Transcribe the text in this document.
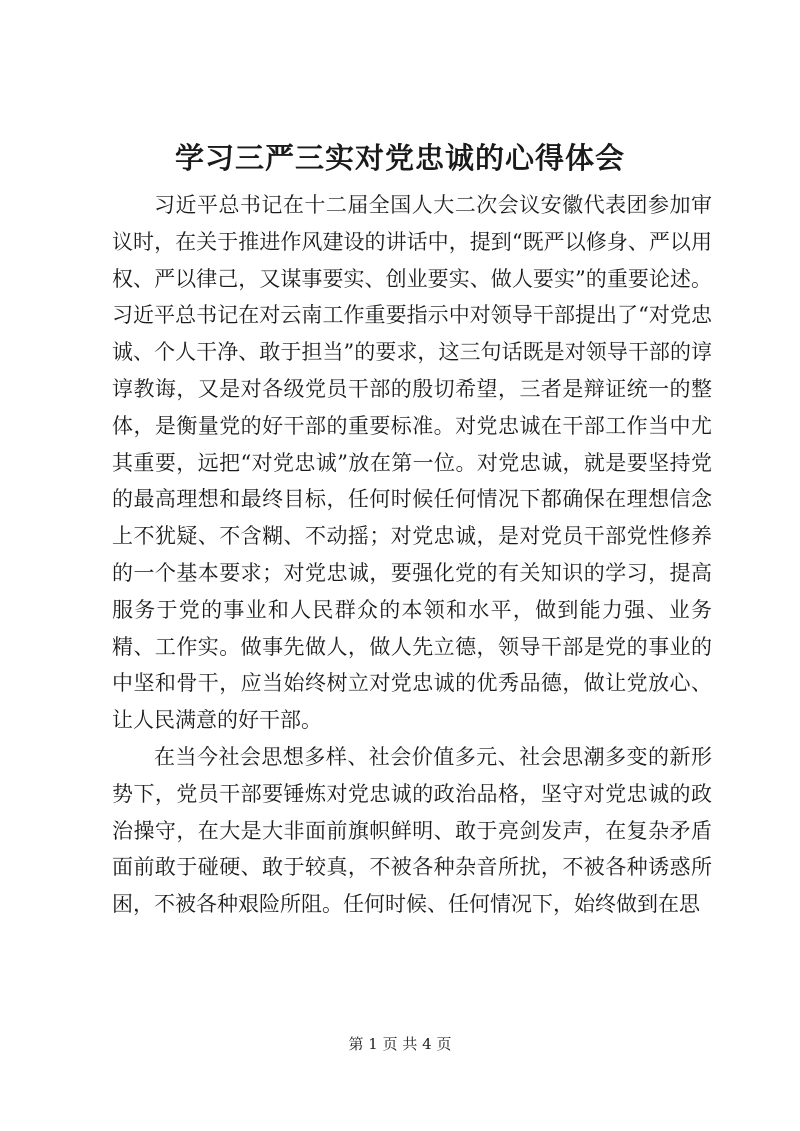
学习三严三实对党忠诚的心得体会

习近平总书记在十二届全国人大二次会议安徽代表团参加审议时，在关于推进作风建设的讲话中，提到“既严以修身、严以用权、严以律己，又谋事要实、创业要实、做人要实”的重要论述。习近平总书记在对云南工作重要指示中对领导干部提出了“对党忠诚、个人干净、敢于担当”的要求，这三句话既是对领导干部的谆谆教诲，又是对各级党员干部的殷切希望，三者是辩证统一的整体，是衡量党的好干部的重要标准。对党忠诚在干部工作当中尤其重要，远把“对党忠诚”放在第一位。对党忠诚，就是要坚持党的最高理想和最终目标，任何时候任何情况下都确保在理想信念上不犹疑、不含糊、不动摇；对党忠诚，是对党员干部党性修养的一个基本要求；对党忠诚，要强化党的有关知识的学习，提高服务于党的事业和人民群众的本领和水平，做到能力强、业务精、工作实。做事先做人，做人先立德，领导干部是党的事业的中坚和骨干，应当始终树立对党忠诚的优秀品德，做让党放心、让人民满意的好干部。

在当今社会思想多样、社会价值多元、社会思潮多变的新形势下，党员干部要锤炼对党忠诚的政治品格，坚守对党忠诚的政治操守，在大是大非面前旗帜鲜明、敢于亮剑发声，在复杂矛盾面前敢于碰硬、敢于较真，不被各种杂音所扰，不被各种诱惑所困，不被各种艰险所阻。任何时候、任何情况下，始终做到在思

第 1 页 共 4 页
